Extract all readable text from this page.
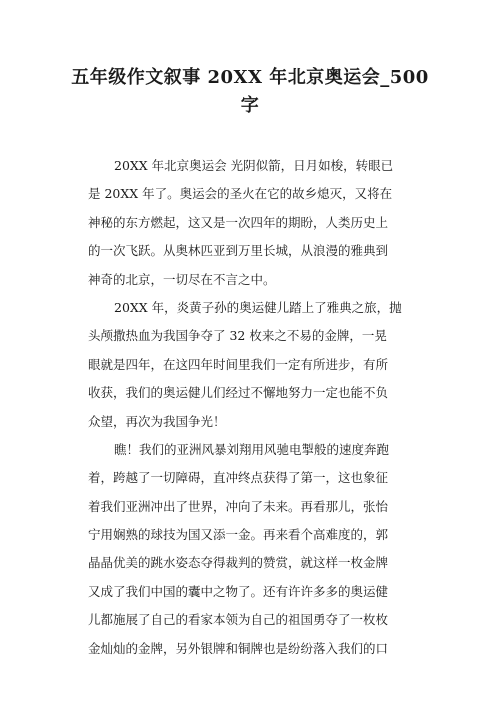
五年级作文叙事 20XX 年北京奥运会_500
字

20XX 年北京奥运会 光阴似箭，日月如梭，转眼已
是 20XX 年了。奥运会的圣火在它的故乡熄灭，又将在
神秘的东方燃起，这又是一次四年的期盼，人类历史上
的一次飞跃。从奥林匹亚到万里长城，从浪漫的雅典到
神奇的北京，一切尽在不言之中。

20XX 年，炎黄子孙的奥运健儿踏上了雅典之旅，抛
头颅撒热血为我国争夺了 32 枚来之不易的金牌，一晃
眼就是四年，在这四年时间里我们一定有所进步，有所
收获，我们的奥运健儿们经过不懈地努力一定也能不负
众望，再次为我国争光！

瞧！我们的亚洲风暴刘翔用风驰电掣般的速度奔跑
着，跨越了一切障碍，直冲终点获得了第一，这也象征
着我们亚洲冲出了世界，冲向了未来。再看那儿，张怡
宁用娴熟的球技为国又添一金。再来看个高难度的，郭
晶晶优美的跳水姿态夺得裁判的赞赏，就这样一枚金牌
又成了我们中国的囊中之物了。还有许许多多的奥运健
儿都施展了自己的看家本领为自己的祖国勇夺了一枚枚
金灿灿的金牌，另外银牌和铜牌也是纷纷落入我们的口
